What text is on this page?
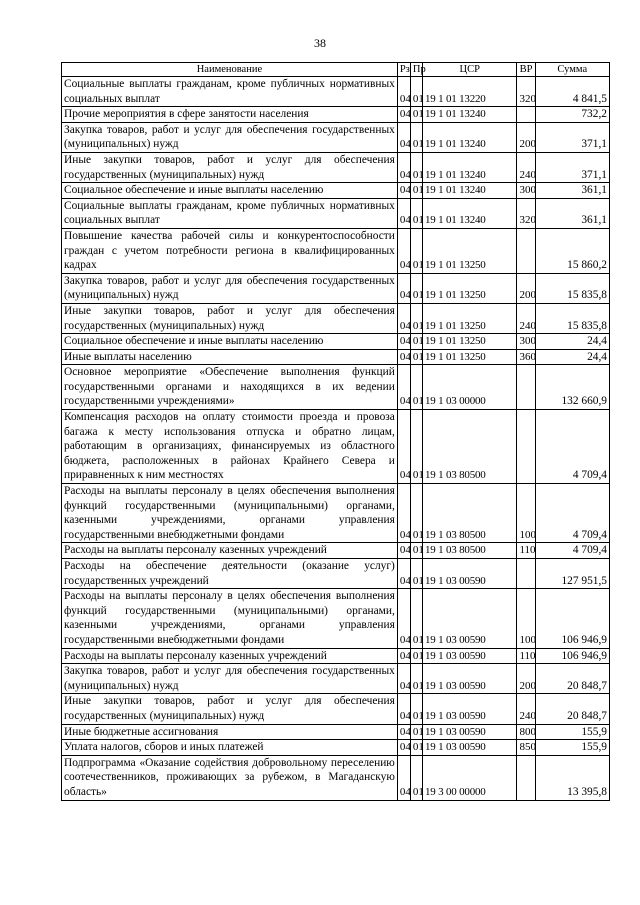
38
Наименование	Рз	Пр	ЦСР	ВР	Сумма
Социальные выплаты гражданам, кроме публичных нормативных социальных выплат	04	01	19 1 01 13220	320	4 841,5
Прочие мероприятия в сфере занятости населения	04	01	19 1 01 13240		732,2
Закупка товаров, работ и услуг для обеспечения государственных (муниципальных) нужд	04	01	19 1 01 13240	200	371,1
Иные закупки товаров, работ и услуг для обеспечения государственных (муниципальных) нужд	04	01	19 1 01 13240	240	371,1
Социальное обеспечение и иные выплаты населению	04	01	19 1 01 13240	300	361,1
Социальные выплаты гражданам, кроме публичных нормативных социальных выплат	04	01	19 1 01 13240	320	361,1
Повышение качества рабочей силы и конкурентоспособности граждан с учетом потребности региона в квалифицированных кадрах	04	01	19 1 01 13250		15 860,2
Закупка товаров, работ и услуг для обеспечения государственных (муниципальных) нужд	04	01	19 1 01 13250	200	15 835,8
Иные закупки товаров, работ и услуг для обеспечения государственных (муниципальных) нужд	04	01	19 1 01 13250	240	15 835,8
Социальное обеспечение и иные выплаты населению	04	01	19 1 01 13250	300	24,4
Иные выплаты населению	04	01	19 1 01 13250	360	24,4
Основное мероприятие «Обеспечение выполнения функций государственными органами и находящихся в их ведении государственными учреждениями»	04	01	19 1 03 00000		132 660,9
Компенсация расходов на оплату стоимости проезда и провоза багажа к месту использования отпуска и обратно лицам, работающим в организациях, финансируемых из областного бюджета, расположенных в районах Крайнего Севера и приравненных к ним местностях	04	01	19 1 03 80500		4 709,4
Расходы на выплаты персоналу в целях обеспечения выполнения функций государственными (муниципальными) органами, казенными учреждениями, органами управления государственными внебюджетными фондами	04	01	19 1 03 80500	100	4 709,4
Расходы на выплаты персоналу казенных учреждений	04	01	19 1 03 80500	110	4 709,4
Расходы на обеспечение деятельности (оказание услуг) государственных учреждений	04	01	19 1 03 00590		127 951,5
Расходы на выплаты персоналу в целях обеспечения выполнения функций государственными (муниципальными) органами, казенными учреждениями, органами управления государственными внебюджетными фондами	04	01	19 1 03 00590	100	106 946,9
Расходы на выплаты персоналу казенных учреждений	04	01	19 1 03 00590	110	106 946,9
Закупка товаров, работ и услуг для обеспечения государственных (муниципальных) нужд	04	01	19 1 03 00590	200	20 848,7
Иные закупки товаров, работ и услуг для обеспечения государственных (муниципальных) нужд	04	01	19 1 03 00590	240	20 848,7
Иные бюджетные ассигнования	04	01	19 1 03 00590	800	155,9
Уплата налогов, сборов и иных платежей	04	01	19 1 03 00590	850	155,9
Подпрограмма «Оказание содействия добровольному переселению соотечественников, проживающих за рубежом, в Магаданскую область»	04	01	19 3 00 00000		13 395,8
